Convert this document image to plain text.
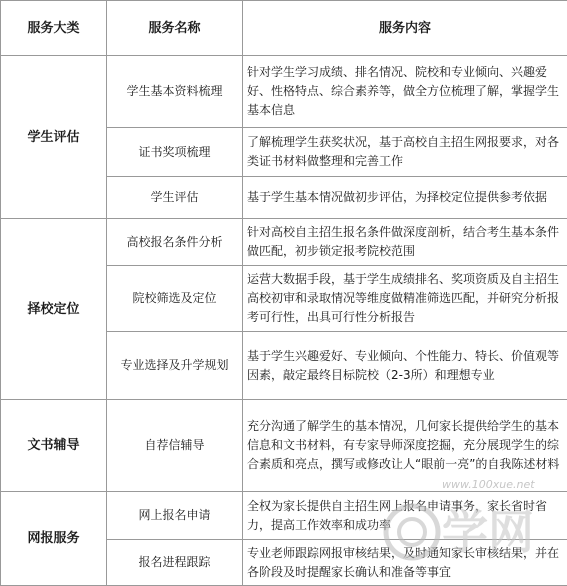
服务大类	服务名称	服务内容
学生评估	学生基本资料梳理	针对学生学习成绩、排名情况、院校和专业倾向、兴趣爱好、性格特点、综合素养等，做全方位梳理了解，掌握学生基本信息
	证书奖项梳理	了解梳理学生获奖状况，基于高校自主招生网报要求，对各类证书材料做整理和完善工作
	学生评估	基于学生基本情况做初步评估，为择校定位提供参考依据
择校定位	高校报名条件分析	针对高校自主招生报名条件做深度剖析，结合考生基本条件做匹配，初步锁定报考院校范围
	院校筛选及定位	运营大数据手段，基于学生成绩排名、奖项资质及自主招生高校初审和录取情况等维度做精准筛选匹配，并研究分析报考可行性，出具可行性分析报告
	专业选择及升学规划	基于学生兴趣爱好、专业倾向、个性能力、特长、价值观等因素，敲定最终目标院校（2-3所）和理想专业
文书辅导	自荐信辅导	充分沟通了解学生的基本情况，几何家长提供给学生的基本信息和文书材料，有专家导师深度挖掘，充分展现学生的综合素质和亮点，撰写或修改让人“眼前一亮”的自我陈述材料
网报服务	网上报名申请	全权为家长提供自主招生网上报名申请事务，家长省时省力，提高工作效率和成功率
	报名进程跟踪	专业老师跟踪网报审核结果，及时通知家长审核结果，并在各阶段及时提醒家长确认和准备等事宜
www.100xue.net
学网
